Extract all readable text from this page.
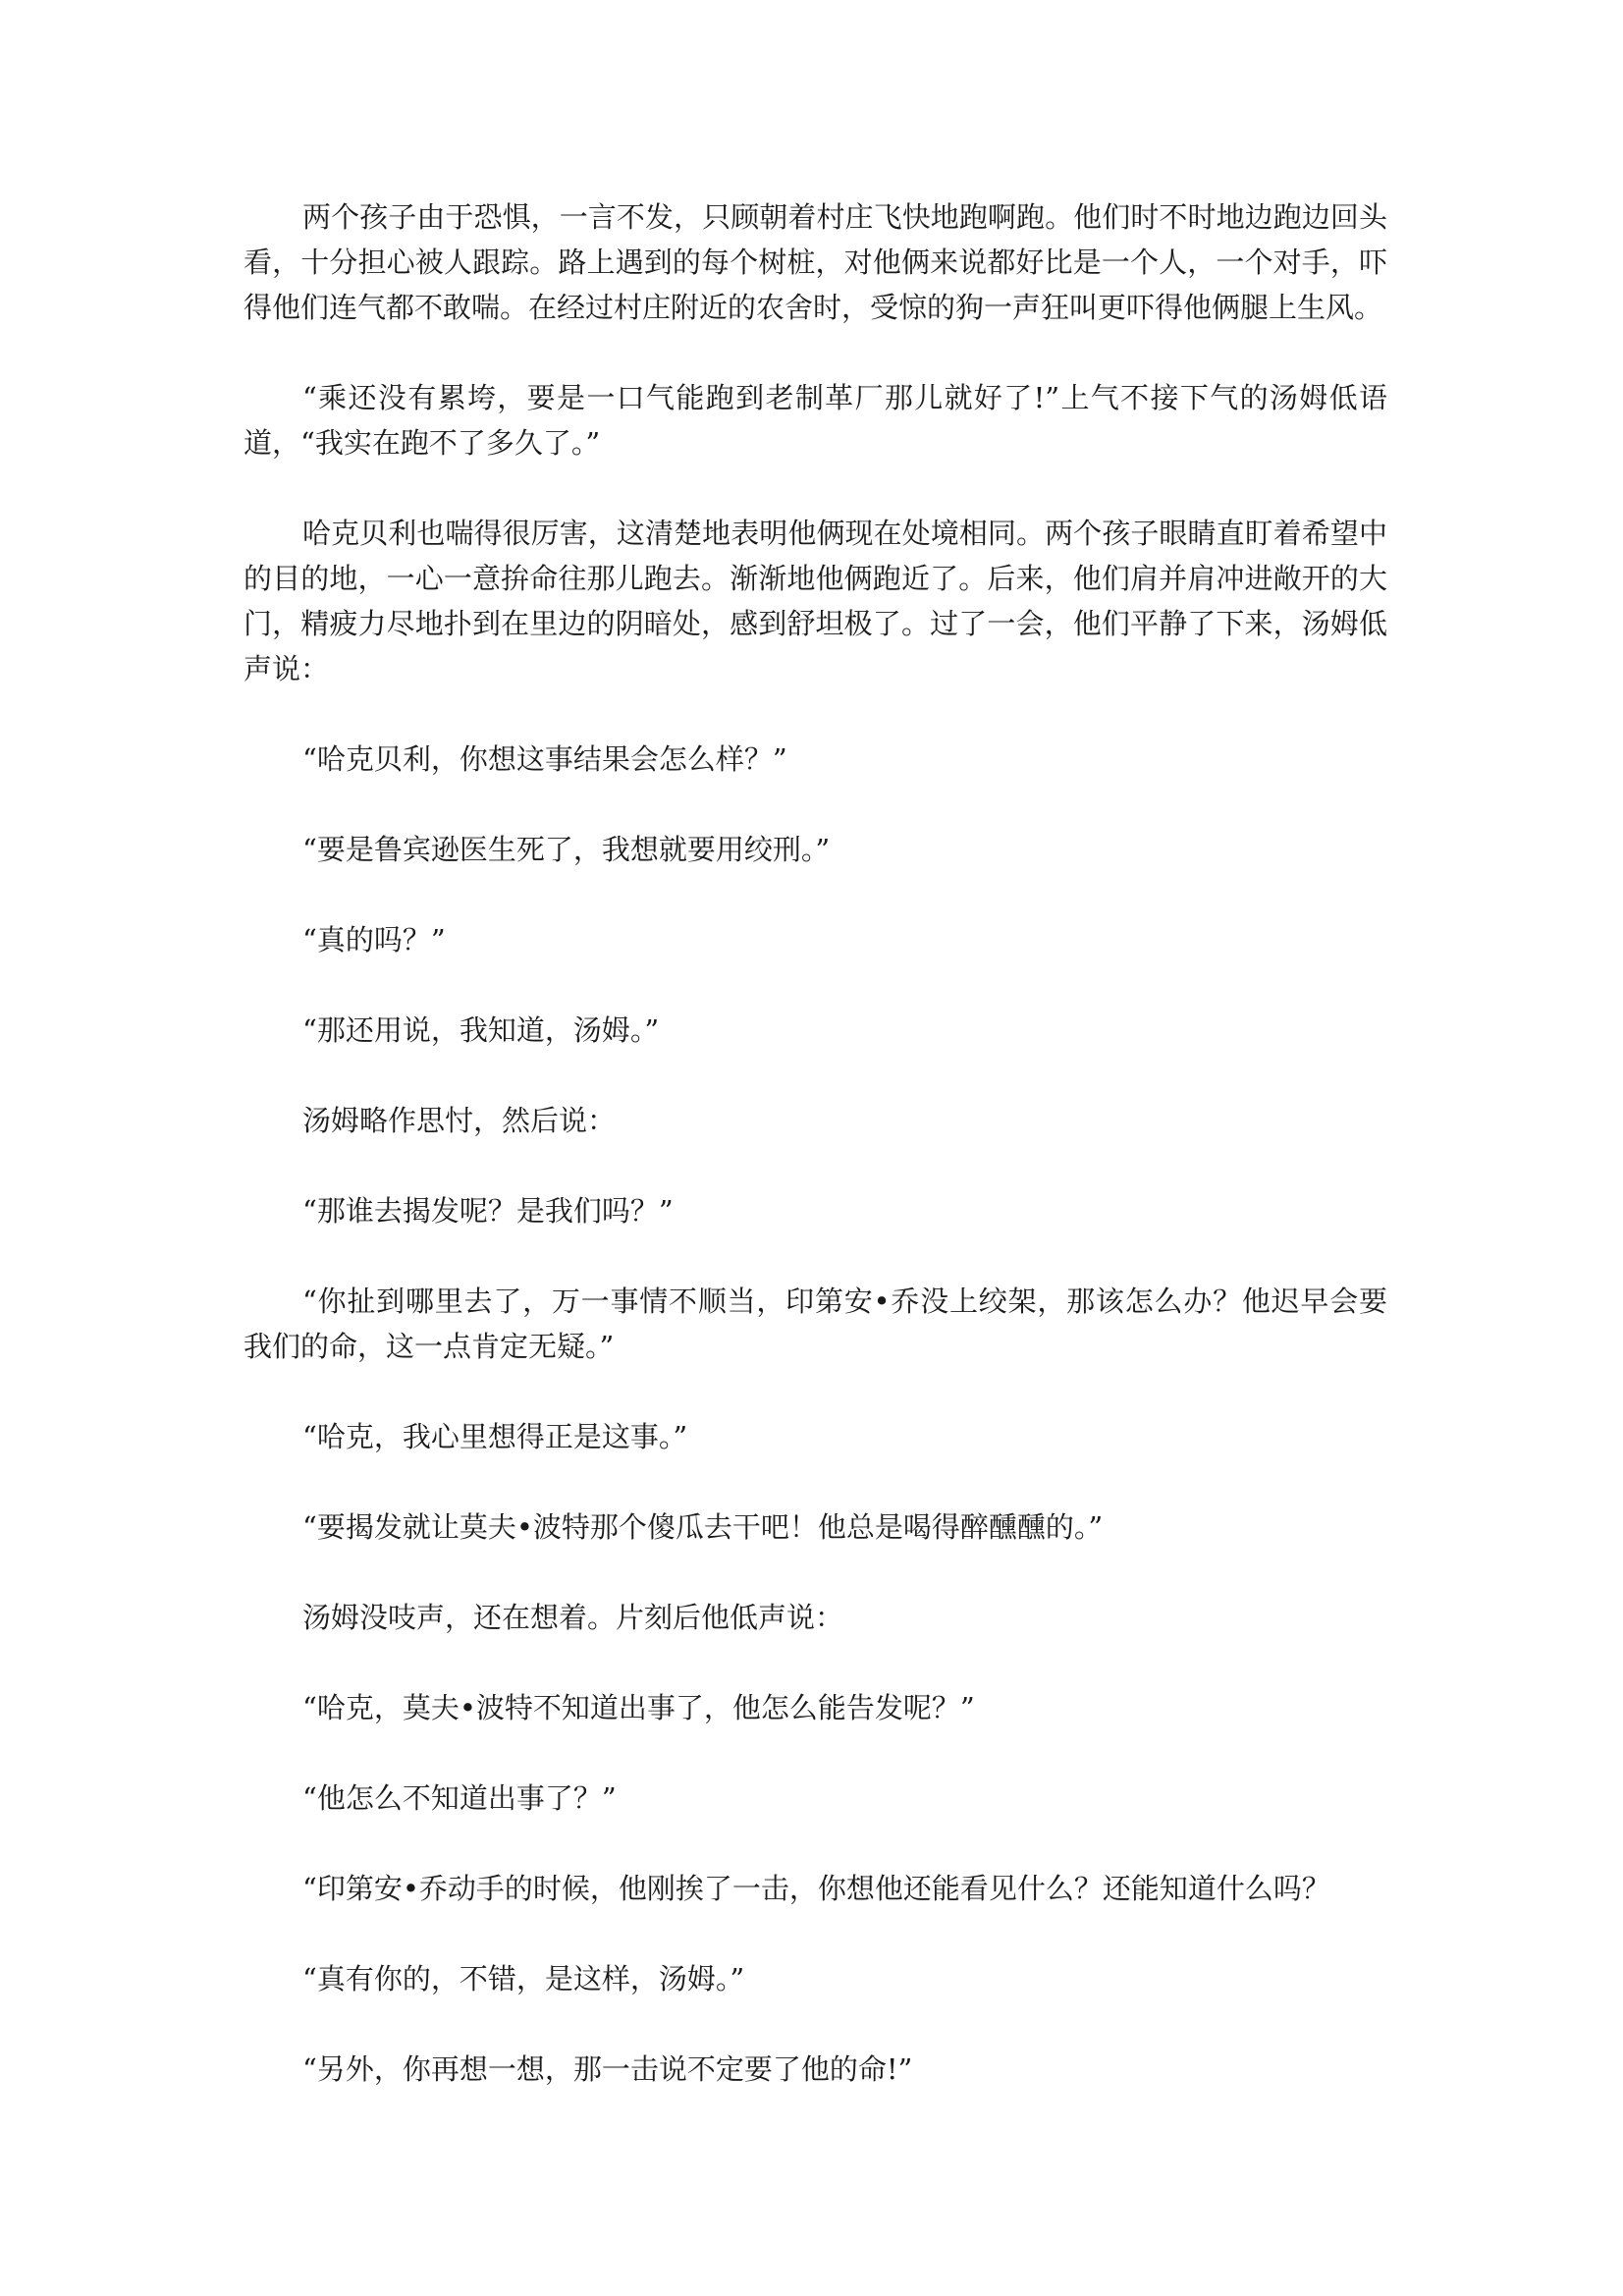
两个孩子由于恐惧，一言不发，只顾朝着村庄飞快地跑啊跑。他们时不时地边跑边回头 看，十分担心被人跟踪。路上遇到的每个树桩，对他俩来说都好比是一个人，一个对手，吓 得他们连气都不敢喘。在经过村庄附近的农舍时，受惊的狗一声狂叫更吓得他俩腿上生风。

“乘还没有累垮，要是一口气能跑到老制革厂那儿就好了!”上气不接下气的汤姆低语道，“我实在跑不了多久了。”

哈克贝利也喘得很厉害，这清楚地表明他俩现在处境相同。两个孩子眼睛直盯着希望中的目的地，一心一意拚命往那儿跑去。渐渐地他俩跑近了。后来，他们肩并肩冲进敞开的大门，精疲力尽地扑到在里边的阴暗处，感到舒坦极了。过了一会，他们平静了下来，汤姆低声说：

“哈克贝利，你想这事结果会怎么样？”

“要是鲁宾逊医生死了，我想就要用绞刑。”

“真的吗？”

“那还用说，我知道，汤姆。”

汤姆略作思忖，然后说：

“那谁去揭发呢？是我们吗？”

“你扯到哪里去了，万一事情不顺当，印第安•乔没上绞架，那该怎么办？他迟早会要 我们的命，这一点肯定无疑。”

“哈克，我心里想得正是这事。”

“要揭发就让莫夫•波特那个傻瓜去干吧！他总是喝得醉醺醺的。”

汤姆没吱声，还在想着。片刻后他低声说：

“哈克，莫夫•波特不知道出事了，他怎么能告发呢？”

“他怎么不知道出事了？”

“印第安•乔动手的时候，他刚挨了一击，你想他还能看见什么？还能知道什么吗？

“真有你的，不错，是这样，汤姆。”

“另外，你再想一想，那一击说不定要了他的命!”
